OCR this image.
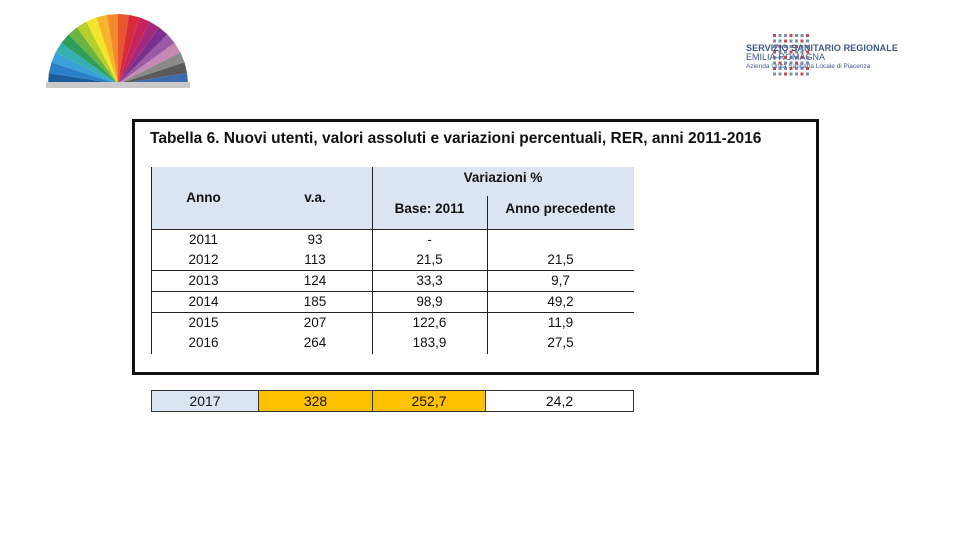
SERVIZIO SANITARIO REGIONALE
EMILIA-ROMAGNA
Azienda Unità Sanitaria Locale di Piacenza
Tabella 6. Nuovi utenti, valori assoluti e variazioni percentuali, RER, anni 2011-2016
Anno	v.a.
Variazioni %
Base: 2011	Anno precedente
2011	93	-
2012	113	21,5	21,5
2013	124	33,3	9,7
2014	185	98,9	49,2
2015	207	122,6	11,9
2016	264	183,9	27,5
2017	328	252,7	24,2
